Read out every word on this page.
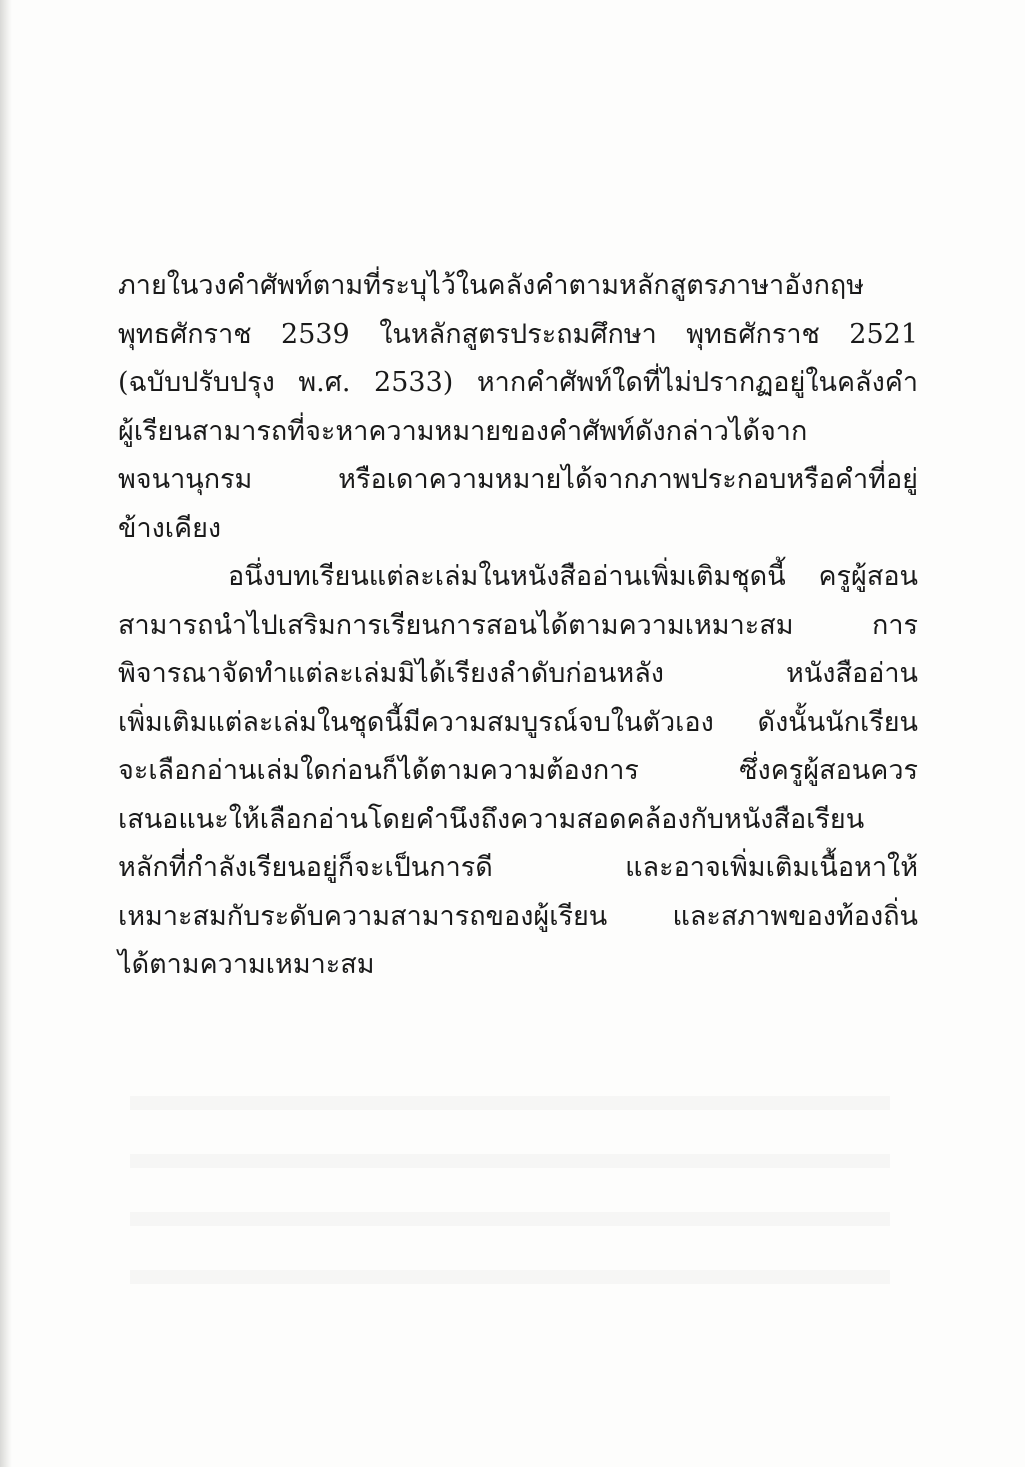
ภายในวงคำศัพท์ตามที่ระบุไว้ในคลังคำตามหลักสูตรภาษาอังกฤษ
พุทธศักราช 2539 ในหลักสูตรประถมศึกษา พุทธศักราช 2521
(ฉบับปรับปรุง พ.ศ. 2533) หากคำศัพท์ใดที่ไม่ปรากฏอยู่ในคลังคำ
ผู้เรียนสามารถที่จะหาความหมายของคำศัพท์ดังกล่าวได้จาก
พจนานุกรม หรือเดาความหมายได้จากภาพประกอบหรือคำที่อยู่
ข้างเคียง
อนึ่งบทเรียนแต่ละเล่มในหนังสืออ่านเพิ่มเติมชุดนี้ ครูผู้สอน
สามารถนำไปเสริมการเรียนการสอนได้ตามความเหมาะสม การ
พิจารณาจัดทำแต่ละเล่มมิได้เรียงลำดับก่อนหลัง หนังสืออ่าน
เพิ่มเติมแต่ละเล่มในชุดนี้มีความสมบูรณ์จบในตัวเอง ดังนั้นนักเรียน
จะเลือกอ่านเล่มใดก่อนก็ได้ตามความต้องการ ซึ่งครูผู้สอนควร
เสนอแนะให้เลือกอ่านโดยคำนึงถึงความสอดคล้องกับหนังสือเรียน
หลักที่กำลังเรียนอยู่ก็จะเป็นการดี และอาจเพิ่มเติมเนื้อหาให้
เหมาะสมกับระดับความสามารถของผู้เรียน และสภาพของท้องถิ่น
ได้ตามความเหมาะสม
